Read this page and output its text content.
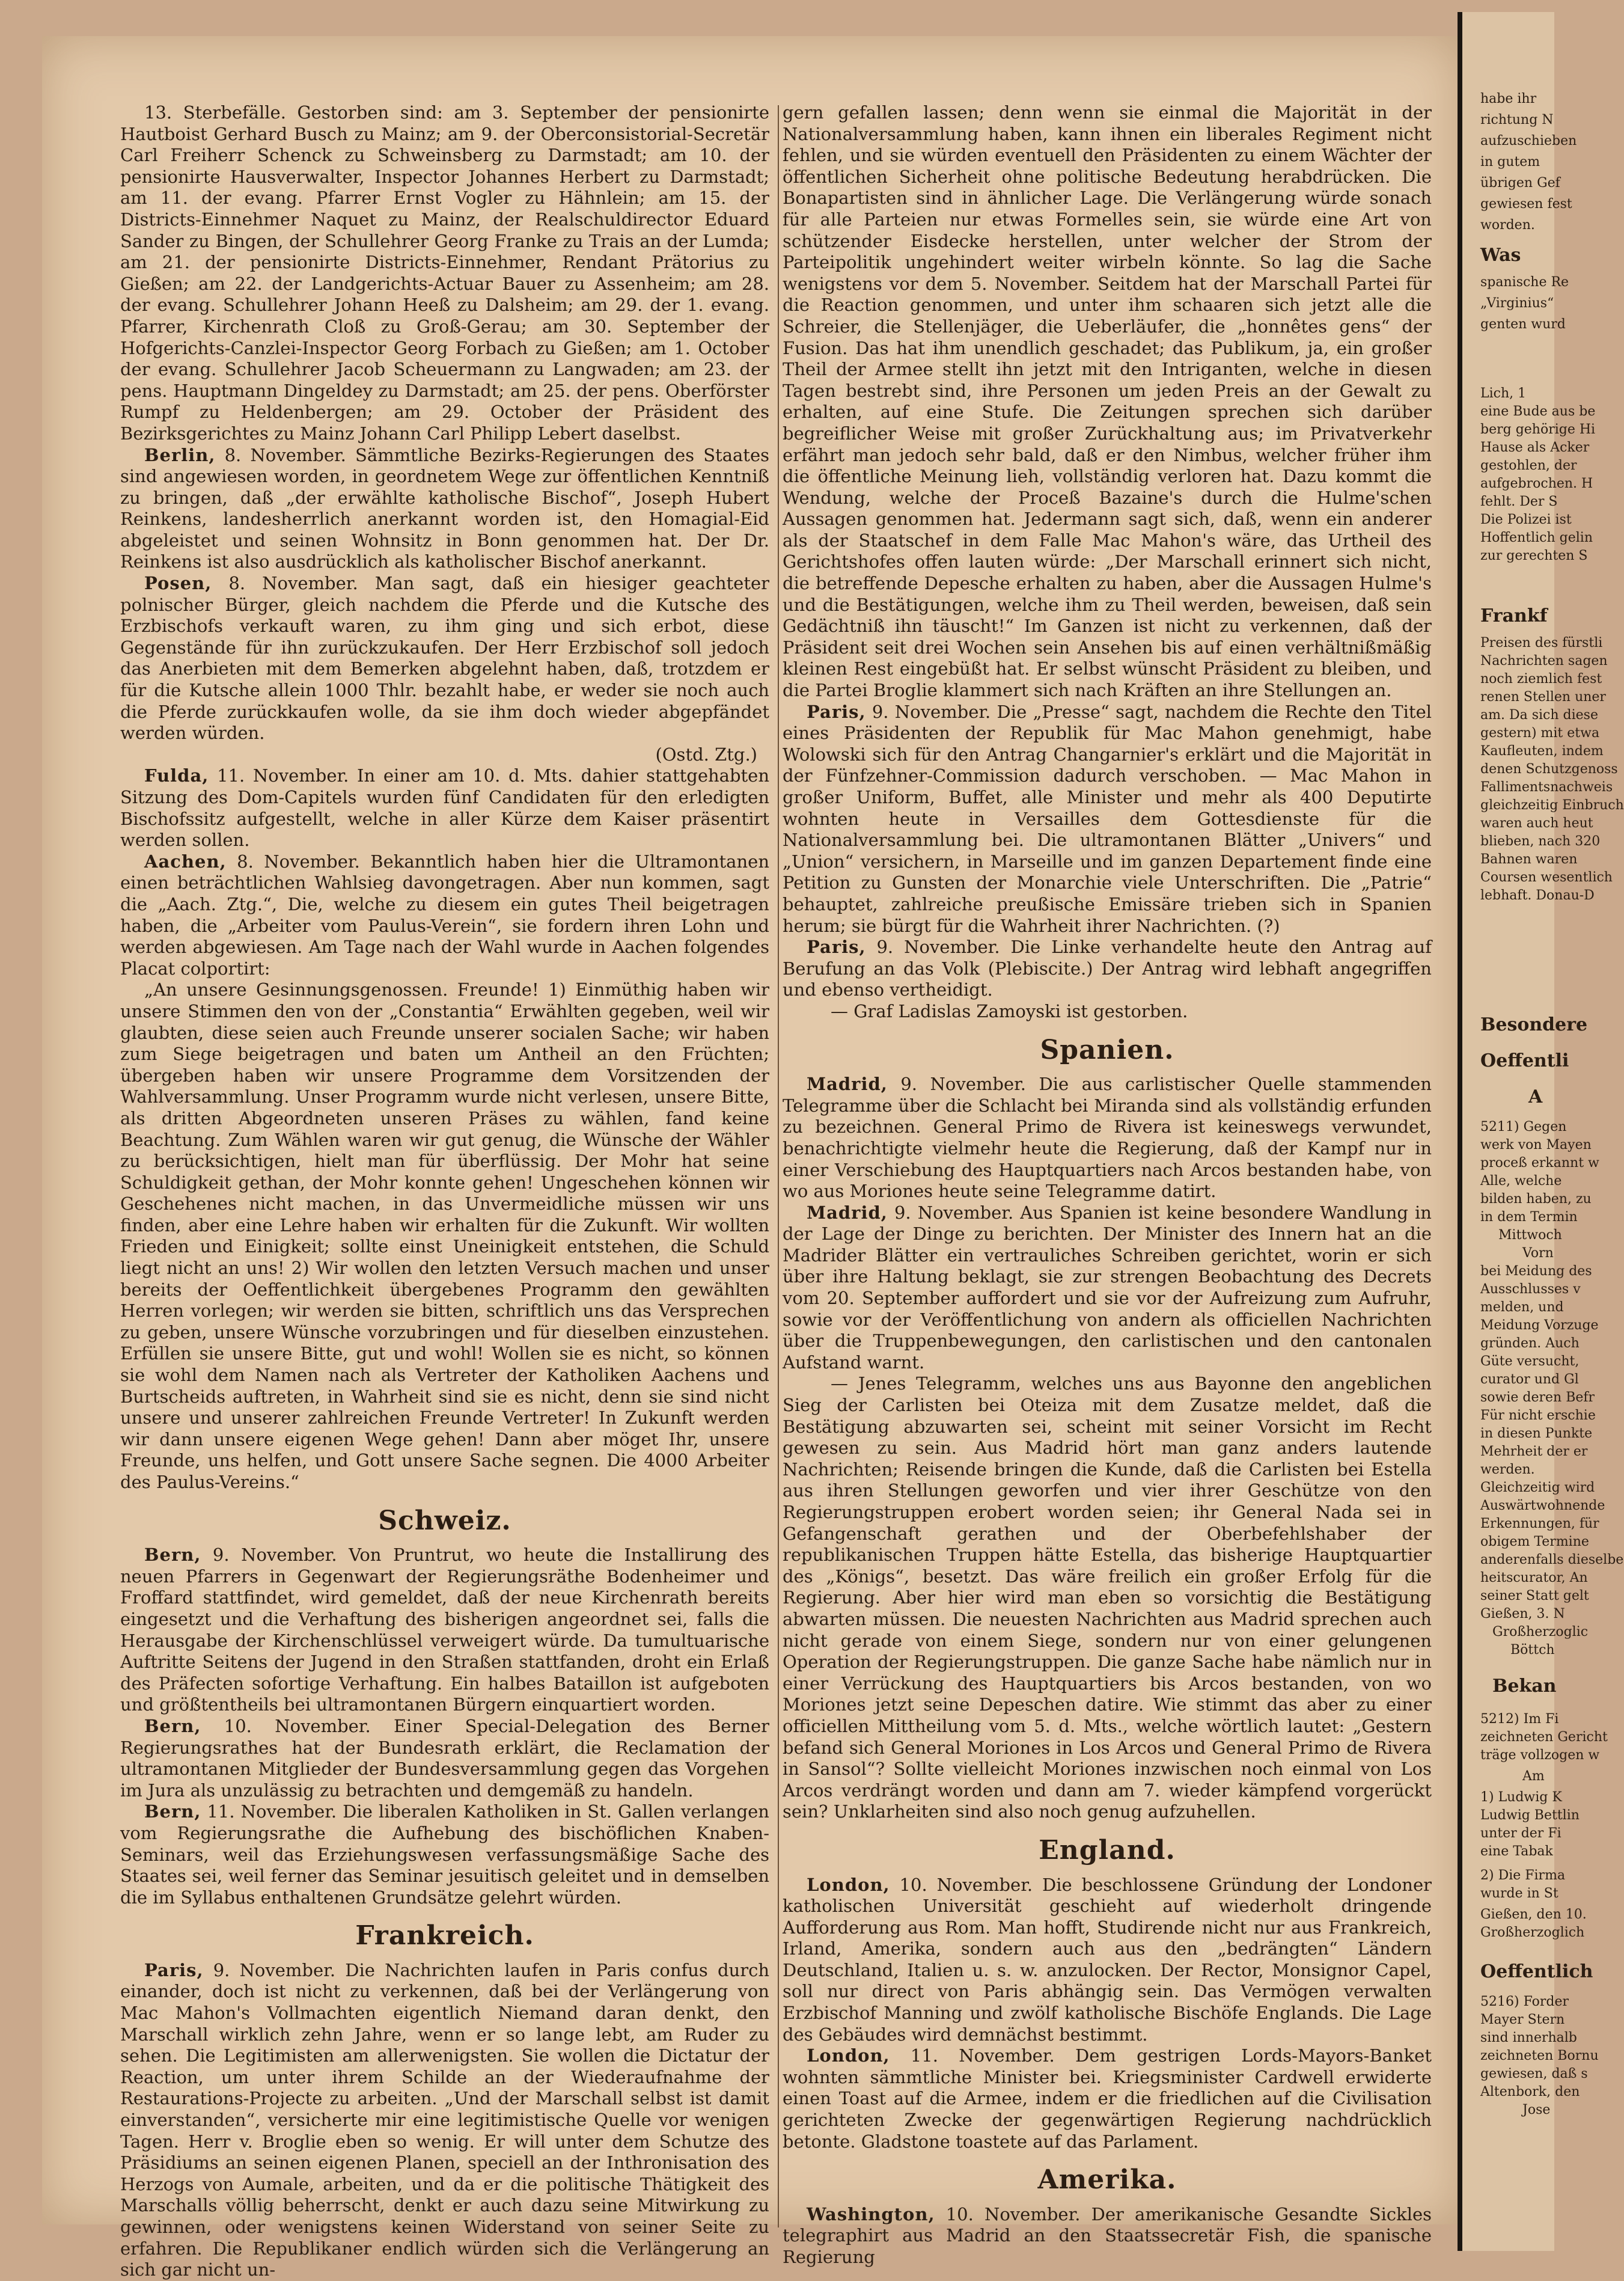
13. Sterbefälle. Gestorben sind: am 3. September der pensionirte Hautboist Gerhard Busch zu Mainz; am 9. der Oberconsistorial-Secretär Carl Freiherr Schenck zu Schweinsberg zu Darmstadt; am 10. der pensionirte Hausverwalter, Inspector Johannes Herbert zu Darmstadt; am 11. der evang. Pfarrer Ernst Vogler zu Hähnlein; am 15. der Districts-Einnehmer Naquet zu Mainz, der Realschuldirector Eduard Sander zu Bingen, der Schullehrer Georg Franke zu Trais an der Lumda; am 21. der pensionirte Districts-Einnehmer, Rendant Prätorius zu Gießen; am 22. der Landgerichts-Actuar Bauer zu Assenheim; am 28. der evang. Schullehrer Johann Heeß zu Dalsheim; am 29. der 1. evang. Pfarrer, Kirchenrath Cloß zu Groß-Gerau; am 30. September der Hofgerichts-Canzlei-Inspector Georg Forbach zu Gießen; am 1. October der evang. Schullehrer Jacob Scheuermann zu Langwaden; am 23. der pens. Hauptmann Dingeldey zu Darmstadt; am 25. der pens. Oberförster Rumpf zu Heldenbergen; am 29. October der Präsident des Bezirksgerichtes zu Mainz Johann Carl Philipp Lebert daselbst.

Berlin, 8. November. Sämmtliche Bezirks-Regierungen des Staates sind angewiesen worden, in geordnetem Wege zur öffentlichen Kenntniß zu bringen, daß „der erwählte katholische Bischof“, Joseph Hubert Reinkens, landesherrlich anerkannt worden ist, den Homagial-Eid abgeleistet und seinen Wohnsitz in Bonn genommen hat. Der Dr. Reinkens ist also ausdrücklich als katholischer Bischof anerkannt.

Posen, 8. November. Man sagt, daß ein hiesiger geachteter polnischer Bürger, gleich nachdem die Pferde und die Kutsche des Erzbischofs verkauft waren, zu ihm ging und sich erbot, diese Gegenstände für ihn zurückzukaufen. Der Herr Erzbischof soll jedoch das Anerbieten mit dem Bemerken abgelehnt haben, daß, trotzdem er für die Kutsche allein 1000 Thlr. bezahlt habe, er weder sie noch auch die Pferde zurückkaufen wolle, da sie ihm doch wieder abgepfändet werden würden.

(Ostd. Ztg.)

Fulda, 11. November. In einer am 10. d. Mts. dahier stattgehabten Sitzung des Dom-Capitels wurden fünf Candidaten für den erledigten Bischofssitz aufgestellt, welche in aller Kürze dem Kaiser präsentirt werden sollen.

Aachen, 8. November. Bekanntlich haben hier die Ultramontanen einen beträchtlichen Wahlsieg davongetragen. Aber nun kommen, sagt die „Aach. Ztg.“, Die, welche zu diesem ein gutes Theil beigetragen haben, die „Arbeiter vom Paulus-Verein“, sie fordern ihren Lohn und werden abgewiesen. Am Tage nach der Wahl wurde in Aachen folgendes Placat colportirt:

„An unsere Gesinnungsgenossen. Freunde! 1) Einmüthig haben wir unsere Stimmen den von der „Constantia“ Erwählten gegeben, weil wir glaubten, diese seien auch Freunde unserer socialen Sache; wir haben zum Siege beigetragen und baten um Antheil an den Früchten; übergeben haben wir unsere Programme dem Vorsitzenden der Wahlversammlung. Unser Programm wurde nicht verlesen, unsere Bitte, als dritten Abgeordneten unseren Präses zu wählen, fand keine Beachtung. Zum Wählen waren wir gut genug, die Wünsche der Wähler zu berücksichtigen, hielt man für überflüssig. Der Mohr hat seine Schuldigkeit gethan, der Mohr konnte gehen! Ungeschehen können wir Geschehenes nicht machen, in das Unvermeidliche müssen wir uns finden, aber eine Lehre haben wir erhalten für die Zukunft. Wir wollten Frieden und Einigkeit; sollte einst Uneinigkeit entstehen, die Schuld liegt nicht an uns! 2) Wir wollen den letzten Versuch machen und unser bereits der Oeffentlichkeit übergebenes Programm den gewählten Herren vorlegen; wir werden sie bitten, schriftlich uns das Versprechen zu geben, unsere Wünsche vorzubringen und für dieselben einzustehen. Erfüllen sie unsere Bitte, gut und wohl! Wollen sie es nicht, so können sie wohl dem Namen nach als Vertreter der Katholiken Aachens und Burtscheids auftreten, in Wahrheit sind sie es nicht, denn sie sind nicht unsere und unserer zahlreichen Freunde Vertreter! In Zukunft werden wir dann unsere eigenen Wege gehen! Dann aber möget Ihr, unsere Freunde, uns helfen, und Gott unsere Sache segnen. Die 4000 Arbeiter des Paulus-Vereins.“

Schweiz.

Bern, 9. November. Von Pruntrut, wo heute die Installirung des neuen Pfarrers in Gegenwart der Regierungsräthe Bodenheimer und Froffard stattfindet, wird gemeldet, daß der neue Kirchenrath bereits eingesetzt und die Verhaftung des bisherigen angeordnet sei, falls die Herausgabe der Kirchenschlüssel verweigert würde. Da tumultuarische Auftritte Seitens der Jugend in den Straßen stattfanden, droht ein Erlaß des Präfecten sofortige Verhaftung. Ein halbes Bataillon ist aufgeboten und größtentheils bei ultramontanen Bürgern einquartiert worden.

Bern, 10. November. Einer Special-Delegation des Berner Regierungsrathes hat der Bundesrath erklärt, die Reclamation der ultramontanen Mitglieder der Bundesversammlung gegen das Vorgehen im Jura als unzulässig zu betrachten und demgemäß zu handeln.

Bern, 11. November. Die liberalen Katholiken in St. Gallen verlangen vom Regierungsrathe die Aufhebung des bischöflichen Knaben-Seminars, weil das Erziehungswesen verfassungsmäßige Sache des Staates sei, weil ferner das Seminar jesuitisch geleitet und in demselben die im Syllabus enthaltenen Grundsätze gelehrt würden.

Frankreich.

Paris, 9. November. Die Nachrichten laufen in Paris confus durch einander, doch ist nicht zu verkennen, daß bei der Verlängerung von Mac Mahon's Vollmachten eigentlich Niemand daran denkt, den Marschall wirklich zehn Jahre, wenn er so lange lebt, am Ruder zu sehen. Die Legitimisten am allerwenigsten. Sie wollen die Dictatur der Reaction, um unter ihrem Schilde an der Wiederaufnahme der Restaurations-Projecte zu arbeiten. „Und der Marschall selbst ist damit einverstanden“, versicherte mir eine legitimistische Quelle vor wenigen Tagen. Herr v. Broglie eben so wenig. Er will unter dem Schutze des Präsidiums an seinen eigenen Planen, speciell an der Inthronisation des Herzogs von Aumale, arbeiten, und da er die politische Thätigkeit des Marschalls völlig beherrscht, denkt er auch dazu seine Mitwirkung zu gewinnen, oder wenigstens keinen Widerstand von seiner Seite zu erfahren. Die Republikaner endlich würden sich die Verlängerung an sich gar nicht un-

gern gefallen lassen; denn wenn sie einmal die Majorität in der Nationalversammlung haben, kann ihnen ein liberales Regiment nicht fehlen, und sie würden eventuell den Präsidenten zu einem Wächter der öffentlichen Sicherheit ohne politische Bedeutung herabdrücken. Die Bonapartisten sind in ähnlicher Lage. Die Verlängerung würde sonach für alle Parteien nur etwas Formelles sein, sie würde eine Art von schützender Eisdecke herstellen, unter welcher der Strom der Parteipolitik ungehindert weiter wirbeln könnte. So lag die Sache wenigstens vor dem 5. November. Seitdem hat der Marschall Partei für die Reaction genommen, und unter ihm schaaren sich jetzt alle die Schreier, die Stellenjäger, die Ueberläufer, die „honnêtes gens“ der Fusion. Das hat ihm unendlich geschadet; das Publikum, ja, ein großer Theil der Armee stellt ihn jetzt mit den Intriganten, welche in diesen Tagen bestrebt sind, ihre Personen um jeden Preis an der Gewalt zu erhalten, auf eine Stufe. Die Zeitungen sprechen sich darüber begreiflicher Weise mit großer Zurückhaltung aus; im Privatverkehr erfährt man jedoch sehr bald, daß er den Nimbus, welcher früher ihm die öffentliche Meinung lieh, vollständig verloren hat. Dazu kommt die Wendung, welche der Proceß Bazaine's durch die Hulme'schen Aussagen genommen hat. Jedermann sagt sich, daß, wenn ein anderer als der Staatschef in dem Falle Mac Mahon's wäre, das Urtheil des Gerichtshofes offen lauten würde: „Der Marschall erinnert sich nicht, die betreffende Depesche erhalten zu haben, aber die Aussagen Hulme's und die Bestätigungen, welche ihm zu Theil werden, beweisen, daß sein Gedächtniß ihn täuscht!“ Im Ganzen ist nicht zu verkennen, daß der Präsident seit drei Wochen sein Ansehen bis auf einen verhältnißmäßig kleinen Rest eingebüßt hat. Er selbst wünscht Präsident zu bleiben, und die Partei Broglie klammert sich nach Kräften an ihre Stellungen an.

Paris, 9. November. Die „Presse“ sagt, nachdem die Rechte den Titel eines Präsidenten der Republik für Mac Mahon genehmigt, habe Wolowski sich für den Antrag Changarnier's erklärt und die Majorität in der Fünfzehner-Commission dadurch verschoben. — Mac Mahon in großer Uniform, Buffet, alle Minister und mehr als 400 Deputirte wohnten heute in Versailles dem Gottesdienste für die Nationalversammlung bei. Die ultramontanen Blätter „Univers“ und „Union“ versichern, in Marseille und im ganzen Departement finde eine Petition zu Gunsten der Monarchie viele Unterschriften. Die „Patrie“ behauptet, zahlreiche preußische Emissäre trieben sich in Spanien herum; sie bürgt für die Wahrheit ihrer Nachrichten. (?)

Paris, 9. November. Die Linke verhandelte heute den Antrag auf Berufung an das Volk (Plebiscite.) Der Antrag wird lebhaft angegriffen und ebenso vertheidigt.

— Graf Ladislas Zamoyski ist gestorben.

Spanien.

Madrid, 9. November. Die aus carlistischer Quelle stammenden Telegramme über die Schlacht bei Miranda sind als vollständig erfunden zu bezeichnen. General Primo de Rivera ist keineswegs verwundet, benachrichtigte vielmehr heute die Regierung, daß der Kampf nur in einer Verschiebung des Hauptquartiers nach Arcos bestanden habe, von wo aus Moriones heute seine Telegramme datirt.

Madrid, 9. November. Aus Spanien ist keine besondere Wandlung in der Lage der Dinge zu berichten. Der Minister des Innern hat an die Madrider Blätter ein vertrauliches Schreiben gerichtet, worin er sich über ihre Haltung beklagt, sie zur strengen Beobachtung des Decrets vom 20. September auffordert und sie vor der Aufreizung zum Aufruhr, sowie vor der Veröffentlichung von andern als officiellen Nachrichten über die Truppenbewegungen, den carlistischen und den cantonalen Aufstand warnt.

— Jenes Telegramm, welches uns aus Bayonne den angeblichen Sieg der Carlisten bei Oteiza mit dem Zusatze meldet, daß die Bestätigung abzuwarten sei, scheint mit seiner Vorsicht im Recht gewesen zu sein. Aus Madrid hört man ganz anders lautende Nachrichten; Reisende bringen die Kunde, daß die Carlisten bei Estella aus ihren Stellungen geworfen und vier ihrer Geschütze von den Regierungstruppen erobert worden seien; ihr General Nada sei in Gefangenschaft gerathen und der Oberbefehlshaber der republikanischen Truppen hätte Estella, das bisherige Hauptquartier des „Königs“, besetzt. Das wäre freilich ein großer Erfolg für die Regierung. Aber hier wird man eben so vorsichtig die Bestätigung abwarten müssen. Die neuesten Nachrichten aus Madrid sprechen auch nicht gerade von einem Siege, sondern nur von einer gelungenen Operation der Regierungstruppen. Die ganze Sache habe nämlich nur in einer Verrückung des Hauptquartiers bis Arcos bestanden, von wo Moriones jetzt seine Depeschen datire. Wie stimmt das aber zu einer officiellen Mittheilung vom 5. d. Mts., welche wörtlich lautet: „Gestern befand sich General Moriones in Los Arcos und General Primo de Rivera in Sansol“? Sollte vielleicht Moriones inzwischen noch einmal von Los Arcos verdrängt worden und dann am 7. wieder kämpfend vorgerückt sein? Unklarheiten sind also noch genug aufzuhellen.

England.

London, 10. November. Die beschlossene Gründung der Londoner katholischen Universität geschieht auf wiederholt dringende Aufforderung aus Rom. Man hofft, Studirende nicht nur aus Frankreich, Irland, Amerika, sondern auch aus den „bedrängten“ Ländern Deutschland, Italien u. s. w. anzulocken. Der Rector, Monsignor Capel, soll nur direct von Paris abhängig sein. Das Vermögen verwalten Erzbischof Manning und zwölf katholische Bischöfe Englands. Die Lage des Gebäudes wird demnächst bestimmt.

London, 11. November. Dem gestrigen Lords-Mayors-Banket wohnten sämmtliche Minister bei. Kriegsminister Cardwell erwiderte einen Toast auf die Armee, indem er die friedlichen auf die Civilisation gerichteten Zwecke der gegenwärtigen Regierung nachdrücklich betonte. Gladstone toastete auf das Parlament.

Amerika.

Washington, 10. November. Der amerikanische Gesandte Sickles telegraphirt aus Madrid an den Staatssecretär Fish, die spanische Regierung

habe ihr
richtung N
aufzuschieben
in gutem
übrigen Gef
gewiesen fest
worden.
Was
spanische Re
„Virginius“
genten wurd
Lich, 1
eine Bude aus be
berg gehörige Hi
Hause als Acker
gestohlen, der
aufgebrochen. H
fehlt. Der S
Die Polizei ist
Hoffentlich gelin
zur gerechten S
Frankf
Preisen des fürstli
Nachrichten sagen
noch ziemlich fest
renen Stellen uner
am. Da sich diese
gestern) mit etwa
Kaufleuten, indem
denen Schutzgenoss
Fallimentsnachweis
gleichzeitig Einbruch
waren auch heut
blieben, nach 320
Bahnen waren
Coursen wesentlich
lebhaft. Donau-D
Besondere
Oeffentli
A
5211) Gegen
werk von Mayen
proceß erkannt w
Alle, welche
bilden haben, zu
in dem Termin
Mittwoch
Vorn
bei Meidung des
Ausschlusses v
melden, und
Meidung Vorzuge
gründen. Auch
Güte versucht,
curator und Gl
sowie deren Befr
Für nicht erschie
in diesen Punkte
Mehrheit der er
werden.
Gleichzeitig wird
Auswärtwohnende
Erkennungen, für
obigem Termine
anderenfalls dieselbe
heitscurator, An
seiner Statt gelt
Gießen, 3. N
Großherzoglic
Böttch
Bekan
5212) Im Fi
zeichneten Gericht
träge vollzogen w
Am
1) Ludwig K
Ludwig Bettlin
unter der Fi
eine Tabak
2) Die Firma
wurde in St
Gießen, den 10.
Großherzoglich
Oeffentlich
5216) Forder
Mayer Stern
sind innerhalb
zeichneten Bornu
gewiesen, daß s
Altenbork, den
Jose
